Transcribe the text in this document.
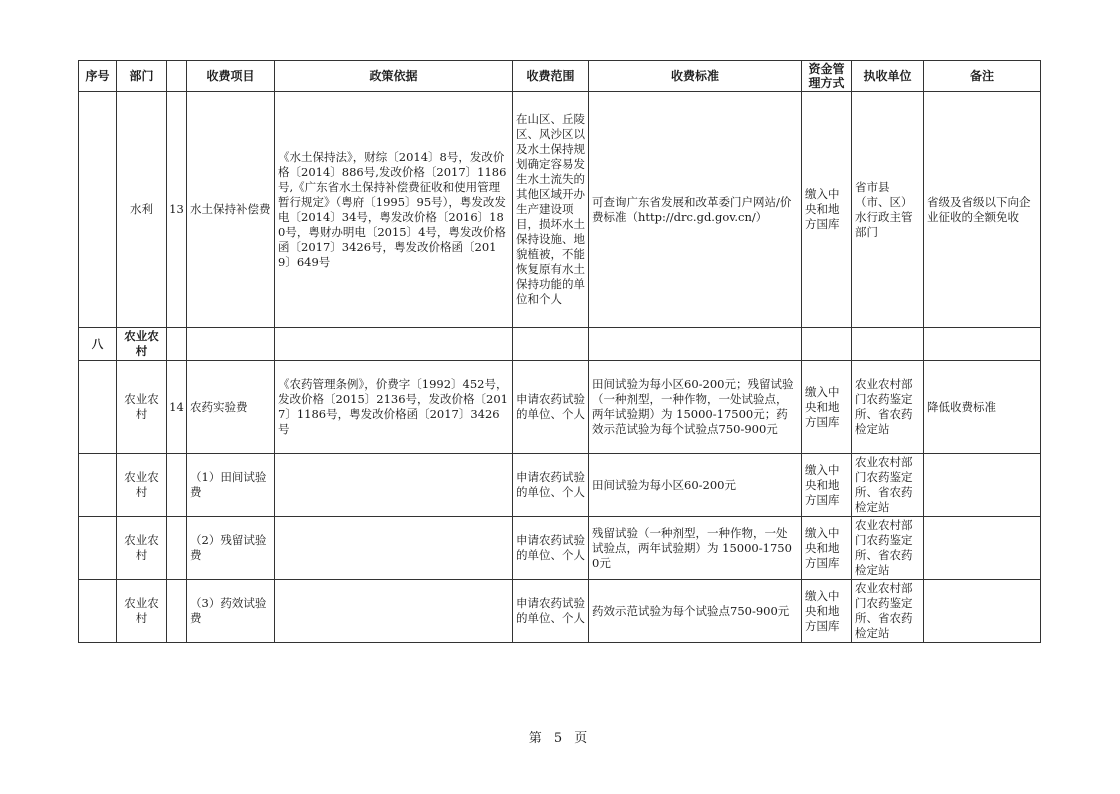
序号	部门		收费项目	政策依据	收费范围	收费标准	资金管理方式	执收单位	备注
	水利	13	水土保持补偿费	《水土保持法》，财综〔2014〕8号，发改价格〔2014〕886号,发改价格〔2017〕1186号,《广东省水土保持补偿费征收和使用管理暂行规定》（粤府〔1995〕95号），粤发改发电〔2014〕34号，粤发改价格〔2016〕180号，粤财办明电〔2015〕4号，粤发改价格函〔2017〕3426号，粤发改价格函〔2019〕649号	在山区、丘陵区、风沙区以及水土保持规划确定容易发生水土流失的其他区域开办生产建设项目，损坏水土保持设施、地貌植被，不能恢复原有水土保持功能的单位和个人	可查询广东省发展和改革委门户网站/价费标准（http://drc.gd.gov.cn/）	缴入中央和地方国库	省市县（市、区）水行政主管部门	省级及省级以下向企业征收的全额免收
八	农业农村								
	农业农村	14	农药实验费	《农药管理条例》，价费字〔1992〕452号，发改价格〔2015〕2136号，发改价格〔2017〕1186号，粤发改价格函〔2017〕3426号	申请农药试验的单位、个人	田间试验为每小区60-200元；残留试验（一种剂型，一种作物，一处试验点，两年试验期）为 15000-17500元；药效示范试验为每个试验点750-900元	缴入中央和地方国库	农业农村部门农药鉴定所、省农药检定站	降低收费标准
	农业农村		（1）田间试验费		申请农药试验的单位、个人	田间试验为每小区60-200元	缴入中央和地方国库	农业农村部门农药鉴定所、省农药检定站	
	农业农村		（2）残留试验费		申请农药试验的单位、个人	残留试验（一种剂型，一种作物，一处试验点，两年试验期）为 15000-17500元	缴入中央和地方国库	农业农村部门农药鉴定所、省农药检定站	
	农业农村		（3）药效试验费		申请农药试验的单位、个人	药效示范试验为每个试验点750-900元	缴入中央和地方国库	农业农村部门农药鉴定所、省农药检定站	
第 5 页
